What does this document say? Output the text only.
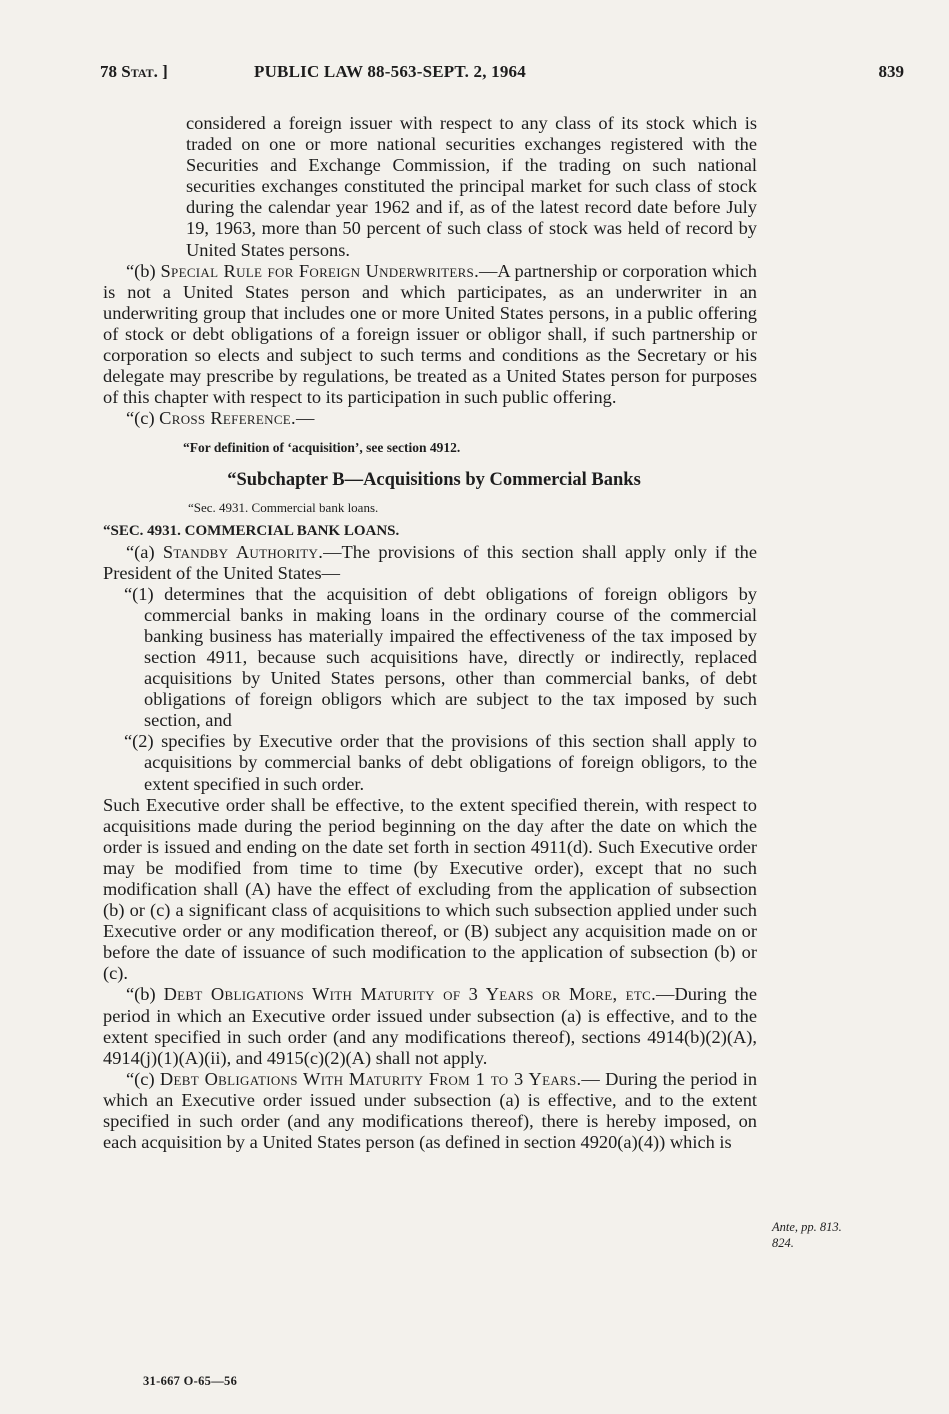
78 Stat. ]	PUBLIC LAW 88-563-SEPT. 2, 1964	839

considered a foreign issuer with respect to any class of its stock which is traded on one or more national securities exchanges registered with the Securities and Exchange Commission, if the trading on such national securities exchanges constituted the principal market for such class of stock during the calendar year 1962 and if, as of the latest record date before July 19, 1963, more than 50 percent of such class of stock was held of record by United States persons.

“(b) Special Rule for Foreign Underwriters.—A partnership or corporation which is not a United States person and which participates, as an underwriter in an underwriting group that includes one or more United States persons, in a public offering of stock or debt obligations of a foreign issuer or obligor shall, if such partnership or corporation so elects and subject to such terms and conditions as the Secretary or his delegate may prescribe by regulations, be treated as a United States person for purposes of this chapter with respect to its participation in such public offering.

“(c) Cross Reference.—

“For definition of ‘acquisition’, see section 4912.

“Subchapter B—Acquisitions by Commercial Banks

“Sec. 4931. Commercial bank loans.

“SEC. 4931. COMMERCIAL BANK LOANS.

“(a) Standby Authority.—The provisions of this section shall apply only if the President of the United States—

“(1) determines that the acquisition of debt obligations of foreign obligors by commercial banks in making loans in the ordinary course of the commercial banking business has materially impaired the effectiveness of the tax imposed by section 4911, because such acquisitions have, directly or indirectly, replaced acquisitions by United States persons, other than commercial banks, of debt obligations of foreign obligors which are subject to the tax imposed by such section, and

“(2) specifies by Executive order that the provisions of this section shall apply to acquisitions by commercial banks of debt obligations of foreign obligors, to the extent specified in such order.

Such Executive order shall be effective, to the extent specified therein, with respect to acquisitions made during the period beginning on the day after the date on which the order is issued and ending on the date set forth in section 4911(d). Such Executive order may be modified from time to time (by Executive order), except that no such modification shall (A) have the effect of excluding from the application of subsection (b) or (c) a significant class of acquisitions to which such subsection applied under such Executive order or any modification thereof, or (B) subject any acquisition made on or before the date of issuance of such modification to the application of subsection (b) or (c).

“(b) Debt Obligations With Maturity of 3 Years or More, etc.—During the period in which an Executive order issued under subsection (a) is effective, and to the extent specified in such order (and any modifications thereof), sections 4914(b)(2)(A), 4914(j)(1)(A)(ii), and 4915(c)(2)(A) shall not apply.

“(c) Debt Obligations With Maturity From 1 to 3 Years.— During the period in which an Executive order issued under subsection (a) is effective, and to the extent specified in such order (and any modifications thereof), there is hereby imposed, on each acquisition by a United States person (as defined in section 4920(a)(4)) which is

Ante, pp. 813.
824.
31-667 O-65—56
